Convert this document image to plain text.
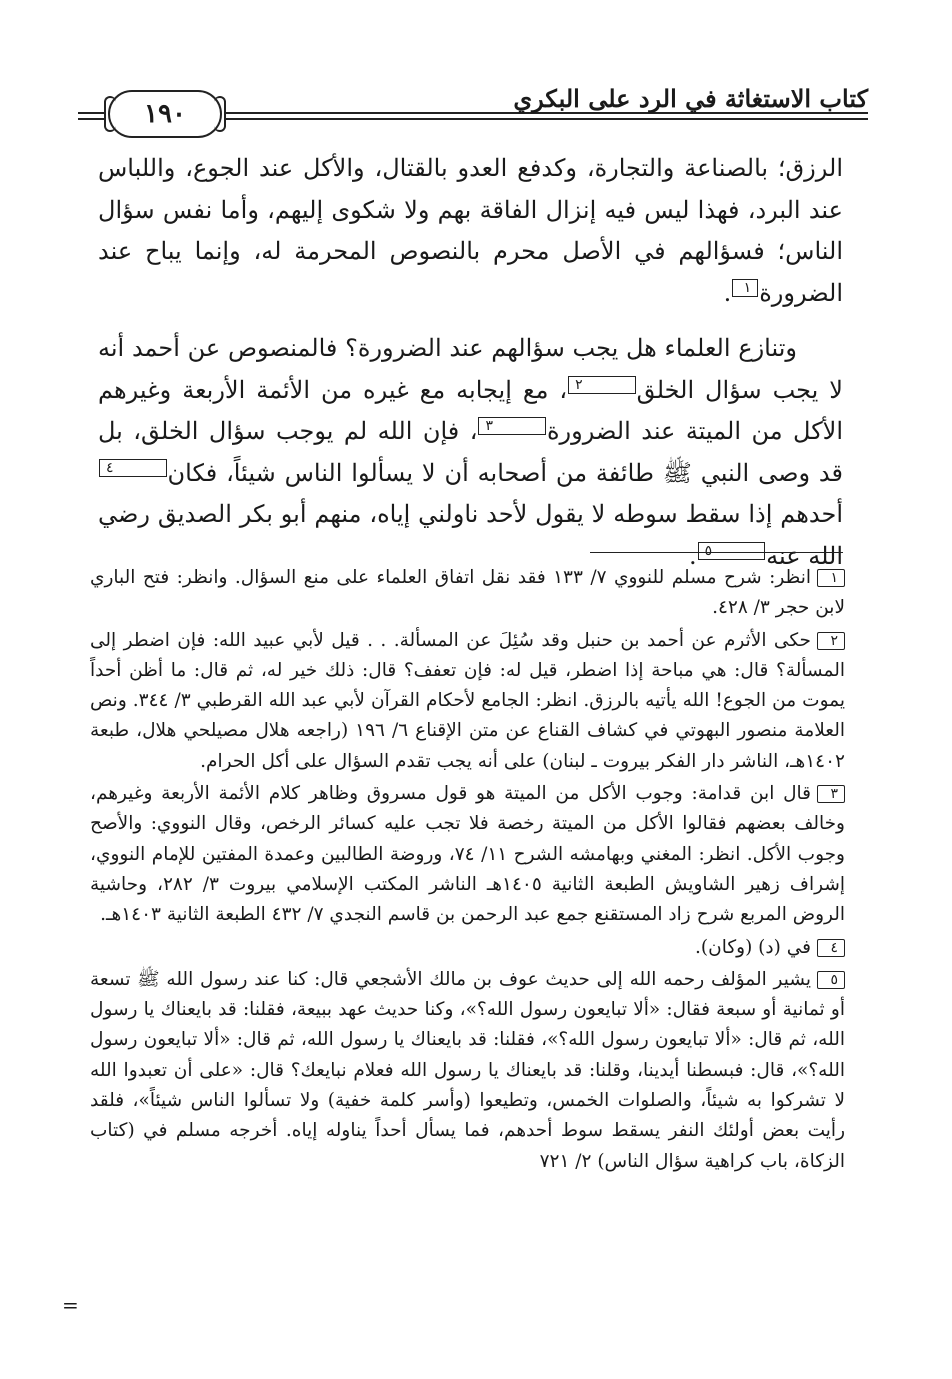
١٩٠
كتاب الاستغاثة في الرد على البكري

الرزق؛ بالصناعة والتجارة، وكدفع العدو بالقتال، والأكل عند الجوع، واللباس عند البرد، فهذا ليس فيه إنزال الفاقة بهم ولا شكوى إليهم، وأما نفس سؤال الناس؛ فسؤالهم في الأصل محرم بالنصوص المحرمة له، وإنما يباح عند الضرورة١.

وتنازع العلماء هل يجب سؤالهم عند الضرورة؟ فالمنصوص عن أحمد أنه لا يجب سؤال الخلق٢، مع إيجابه مع غيره من الأئمة الأربعة وغيرهم الأكل من الميتة عند الضرورة٣، فإن الله لم يوجب سؤال الخلق، بل قد وصى النبي ﷺ طائفة من أصحابه أن لا يسألوا الناس شيئاً، فكان٤ أحدهم إذا سقط سوطه لا يقول لأحد ناولني إياه، منهم أبو بكر الصديق رضي الله عنه٥.

١انظر: شرح مسلم للنووي ٧/ ١٣٣ فقد نقل اتفاق العلماء على منع السؤال. وانظر: فتح الباري لابن حجر ٣/ ٤٢٨.

٢حكى الأثرم عن أحمد بن حنبل وقد سُئِلَ عن المسألة. . . قيل لأبي عبيد الله: فإن اضطر إلى المسألة؟ قال: هي مباحة إذا اضطر، قيل له: فإن تعفف؟ قال: ذلك خير له، ثم قال: ما أظن أحداً يموت من الجوع! الله يأتيه بالرزق. انظر: الجامع لأحكام القرآن لأبي عبد الله القرطبي ٣/ ٣٤٤. ونص العلامة منصور البهوتي في كشاف القناع عن متن الإقناع ٦/ ١٩٦ (راجعه هلال مصيلحي هلال، طبعة ١٤٠٢هـ، الناشر دار الفكر بيروت ـ لبنان) على أنه يجب تقدم السؤال على أكل الحرام.

٣قال ابن قدامة: وجوب الأكل من الميتة هو قول مسروق وظاهر كلام الأئمة الأربعة وغيرهم، وخالف بعضهم فقالوا الأكل من الميتة رخصة فلا تجب عليه كسائر الرخص، وقال النووي: والأصح وجوب الأكل. انظر: المغني وبهامشه الشرح ١١/ ٧٤، وروضة الطالبين وعمدة المفتين للإمام النووي، إشراف زهير الشاويش الطبعة الثانية ١٤٠٥هـ الناشر المكتب الإسلامي بيروت ٣/ ٢٨٢، وحاشية الروض المربع شرح زاد المستقنع جمع عبد الرحمن بن قاسم النجدي ٧/ ٤٣٢ الطبعة الثانية ١٤٠٣هـ.

٤في (د) (وكان).

٥يشير المؤلف رحمه الله إلى حديث عوف بن مالك الأشجعي قال: كنا عند رسول الله ﷺ تسعة أو ثمانية أو سبعة فقال: «ألا تبايعون رسول الله؟»، وكنا حديث عهد ببيعة، فقلنا: قد بايعناك يا رسول الله، ثم قال: «ألا تبايعون رسول الله؟»، فقلنا: قد بايعناك يا رسول الله، ثم قال: «ألا تبايعون رسول الله؟»، قال: فبسطنا أيدينا، وقلنا: قد بايعناك يا رسول الله فعلام نبايعك؟ قال: «على أن تعبدوا الله لا تشركوا به شيئاً، والصلوات الخمس، وتطيعوا (وأسر كلمة خفية) ولا تسألوا الناس شيئاً»، فلقد رأيت بعض أولئك النفر يسقط سوط أحدهم، فما يسأل أحداً يناوله إياه. أخرجه مسلم في (كتاب الزكاة، باب كراهية سؤال الناس) ٢/ ٧٢١

=
